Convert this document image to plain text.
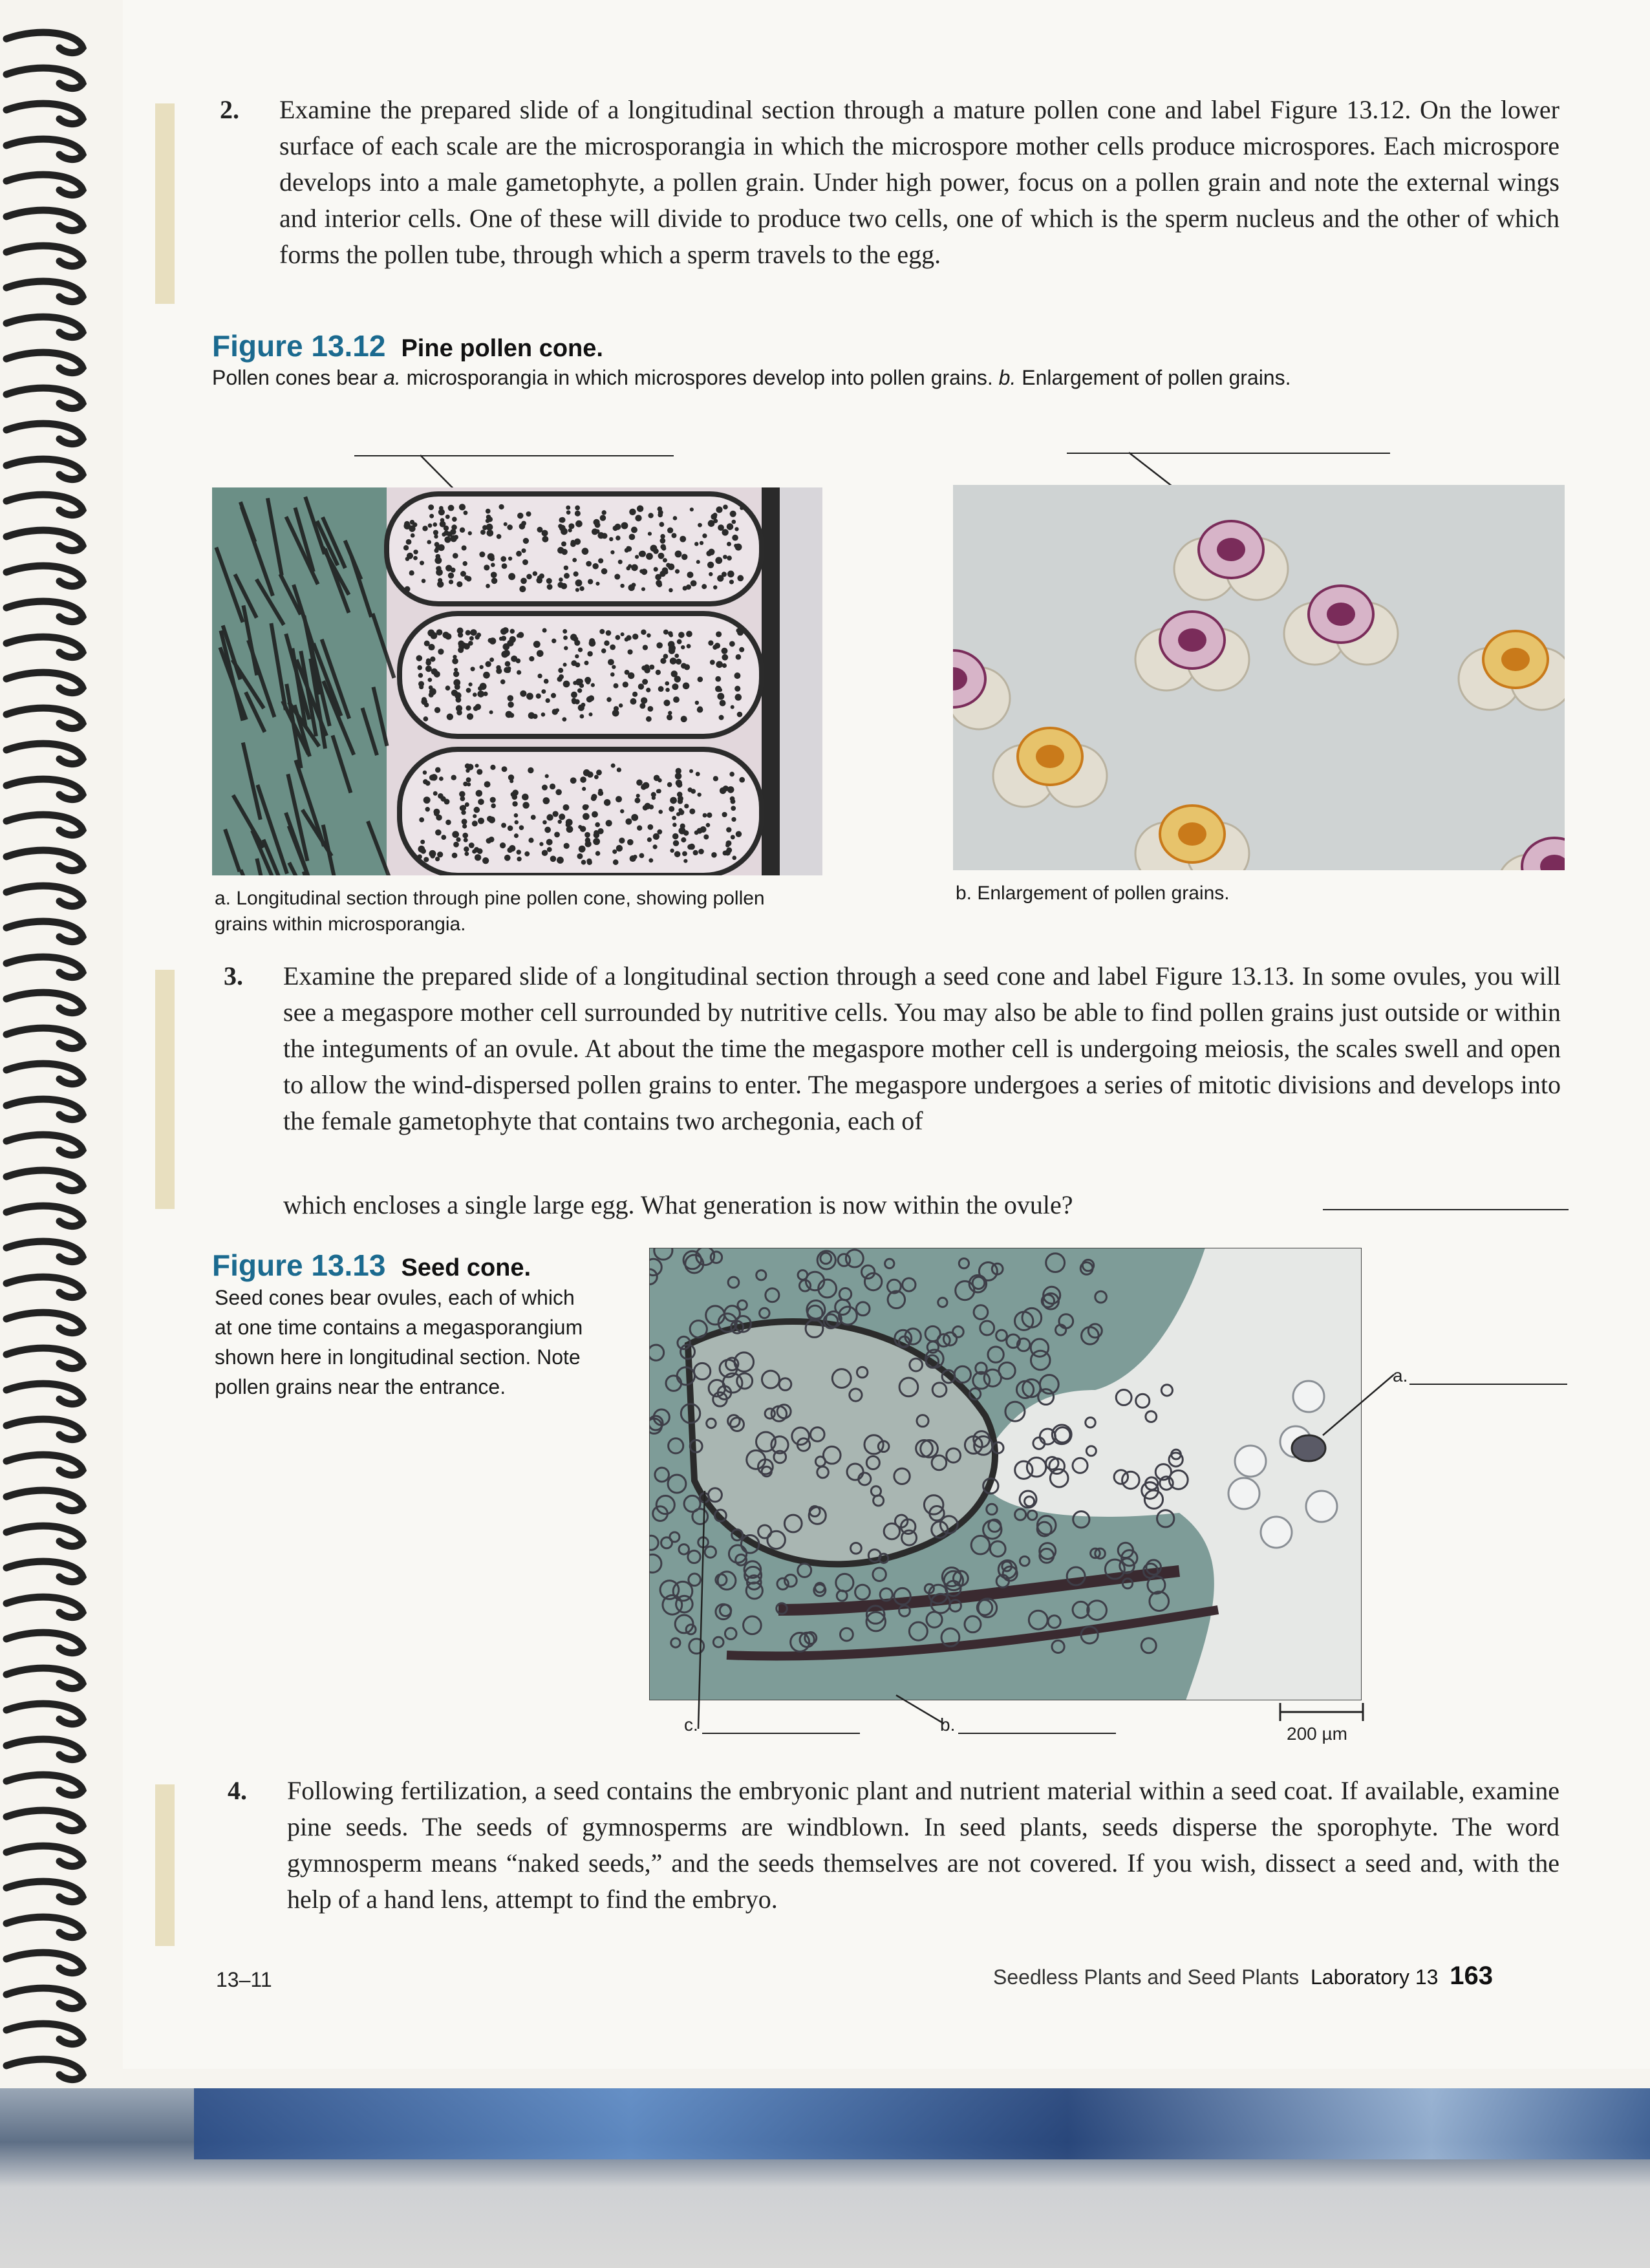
2. Examine the prepared slide of a longitudinal section through a mature pollen cone and label Figure 13.12. On the lower surface of each scale are the microsporangia in which the microspore mother cells produce microspores. Each microspore develops into a male gametophyte, a pollen grain. Under high power, focus on a pollen grain and note the external wings and interior cells. One of these will divide to produce two cells, one of which is the sperm nucleus and the other of which forms the pollen tube, through which a sperm travels to the egg.
Figure 13.12 Pine pollen cone.
Pollen cones bear a. microsporangia in which microspores develop into pollen grains. b. Enlargement of pollen grains.
a. Longitudinal section through pine pollen cone, showing pollen grains within microsporangia.
b. Enlargement of pollen grains.
3. Examine the prepared slide of a longitudinal section through a seed cone and label Figure 13.13. In some ovules, you will see a megaspore mother cell surrounded by nutritive cells. You may also be able to find pollen grains just outside or within the integuments of an ovule. At about the time the megaspore mother cell is undergoing meiosis, the scales swell and open to allow the wind-dispersed pollen grains to enter. The megaspore undergoes a series of mitotic divisions and develops into the female gametophyte that contains two archegonia, each of
which encloses a single large egg. What generation is now within the ovule?
Figure 13.13 Seed cone.
Seed cones bear ovules, each of which at one time contains a megasporangium shown here in longitudinal section. Note pollen grains near the entrance.	a.
c.	b.	200 µm
4. Following fertilization, a seed contains the embryonic plant and nutrient material within a seed coat. If available, examine pine seeds. The seeds of gymnosperms are windblown. In seed plants, seeds disperse the sporophyte. The word gymnosperm means “naked seeds,” and the seeds themselves are not covered. If you wish, dissect a seed and, with the help of a hand lens, attempt to find the embryo.
13–11	Seedless Plants and Seed Plants Laboratory 13 163
